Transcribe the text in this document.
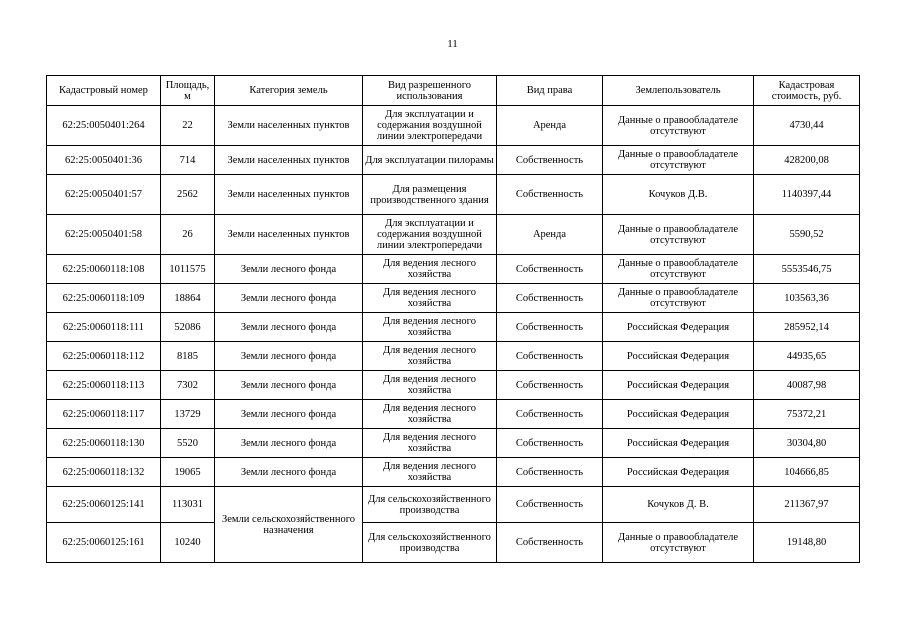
11
Кадастровый номер	Площадь, м	Категория земель	Вид разрешенного использования	Вид права	Землепользователь	Кадастровая стоимость, руб.
62:25:0050401:264	22	Земли населенных пунктов	Для эксплуатации и содержания воздушной линии электропередачи	Аренда	Данные о правообладателе отсутствуют	4730,44
62:25:0050401:36	714	Земли населенных пунктов	Для эксплуатации пилорамы	Собственность	Данные о правообладателе отсутствуют	428200,08
62:25:0050401:57	2562	Земли населенных пунктов	Для размещения производственного здания	Собственность	Кочуков Д.В.	1140397,44
62:25:0050401:58	26	Земли населенных пунктов	Для эксплуатации и содержания воздушной линии электропередачи	Аренда	Данные о правообладателе отсутствуют	5590,52
62:25:0060118:108	1011575	Земли лесного фонда	Для ведения лесного хозяйства	Собственность	Данные о правообладателе отсутствуют	5553546,75
62:25:0060118:109	18864	Земли лесного фонда	Для ведения лесного хозяйства	Собственность	Данные о правообладателе отсутствуют	103563,36
62:25:0060118:111	52086	Земли лесного фонда	Для ведения лесного хозяйства	Собственность	Российская Федерация	285952,14
62:25:0060118:112	8185	Земли лесного фонда	Для ведения лесного хозяйства	Собственность	Российская Федерация	44935,65
62:25:0060118:113	7302	Земли лесного фонда	Для ведения лесного хозяйства	Собственность	Российская Федерация	40087,98
62:25:0060118:117	13729	Земли лесного фонда	Для ведения лесного хозяйства	Собственность	Российская Федерация	75372,21
62:25:0060118:130	5520	Земли лесного фонда	Для ведения лесного хозяйства	Собственность	Российская Федерация	30304,80
62:25:0060118:132	19065	Земли лесного фонда	Для ведения лесного хозяйства	Собственность	Российская Федерация	104666,85
62:25:0060125:141	113031	Земли сельскохозяйственного назначения	Для сельскохозяйственного производства	Собственность	Кочуков Д. В.	211367,97
62:25:0060125:161	10240		Для сельскохозяйственного производства	Собственность	Данные о правообладателе отсутствуют	19148,80
